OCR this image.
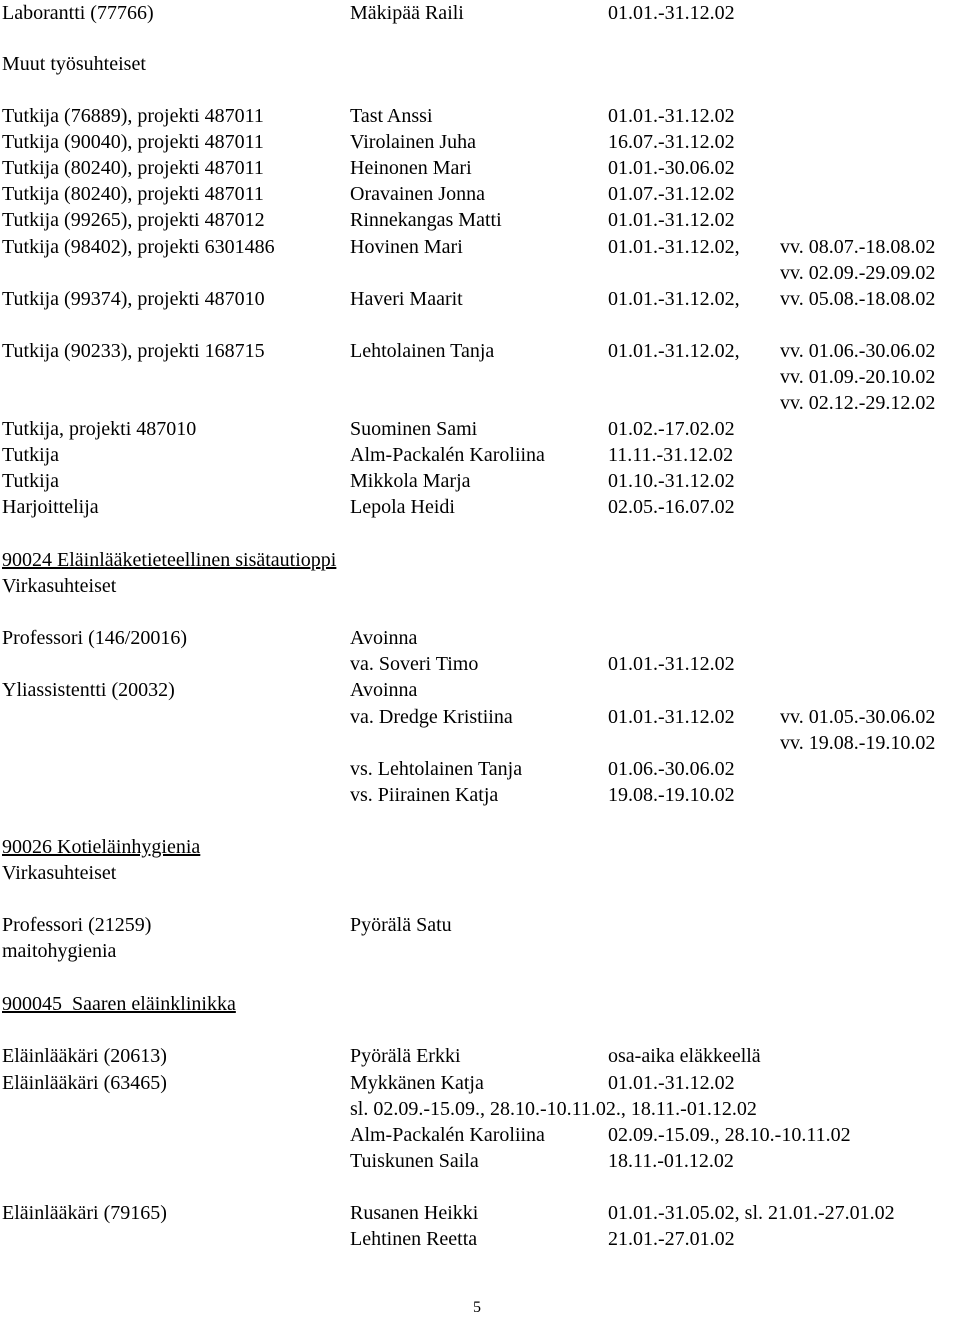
Laborantti (77766)	Mäkipää Raili	01.01.-31.12.02
Muut työsuhteiset
Tutkija (76889), projekti 487011	Tast Anssi	01.01.-31.12.02
Tutkija (90040), projekti 487011	Virolainen Juha	16.07.-31.12.02
Tutkija (80240), projekti 487011	Heinonen Mari	01.01.-30.06.02
Tutkija (80240), projekti 487011	Oravainen Jonna	01.07.-31.12.02
Tutkija (99265), projekti 487012	Rinnekangas Matti	01.01.-31.12.02
Tutkija (98402), projekti 6301486	Hovinen Mari	01.01.-31.12.02, vv. 08.07.-18.08.02
vv. 02.09.-29.09.02
Tutkija (99374), projekti 487010	Haveri Maarit	01.01.-31.12.02, vv. 05.08.-18.08.02
Tutkija (90233), projekti 168715	Lehtolainen Tanja	01.01.-31.12.02, vv. 01.06.-30.06.02
vv. 01.09.-20.10.02
vv. 02.12.-29.12.02
Tutkija, projekti 487010	Suominen Sami	01.02.-17.02.02
Tutkija	Alm-Packalén Karoliina	11.11.-31.12.02
Tutkija	Mikkola Marja	01.10.-31.12.02
Harjoittelija	Lepola Heidi	02.05.-16.07.02
90024 Eläinlääketieteellinen sisätautioppi
Virkasuhteiset
Professori (146/20016)	Avoinna
va. Soveri Timo	01.01.-31.12.02
Yliassistentti (20032)	Avoinna
va. Dredge Kristiina	01.01.-31.12.02 vv. 01.05.-30.06.02
vv. 19.08.-19.10.02
vs. Lehtolainen Tanja	01.06.-30.06.02
vs. Piirainen Katja	19.08.-19.10.02
90026 Kotieläinhygienia
Virkasuhteiset
Professori (21259)	Pyörälä Satu
maitohygienia
900045  Saaren eläinklinikka
Eläinlääkäri (20613)	Pyörälä Erkki	osa-aika eläkkeellä
Eläinlääkäri (63465)	Mykkänen Katja	01.01.-31.12.02
sl. 02.09.-15.09., 28.10.-10.11.02., 18.11.-01.12.02
Alm-Packalén Karoliina	02.09.-15.09., 28.10.-10.11.02
Tuiskunen Saila	18.11.-01.12.02
Eläinlääkäri (79165)	Rusanen Heikki	01.01.-31.05.02, sl. 21.01.-27.01.02
Lehtinen Reetta	21.01.-27.01.02
5
